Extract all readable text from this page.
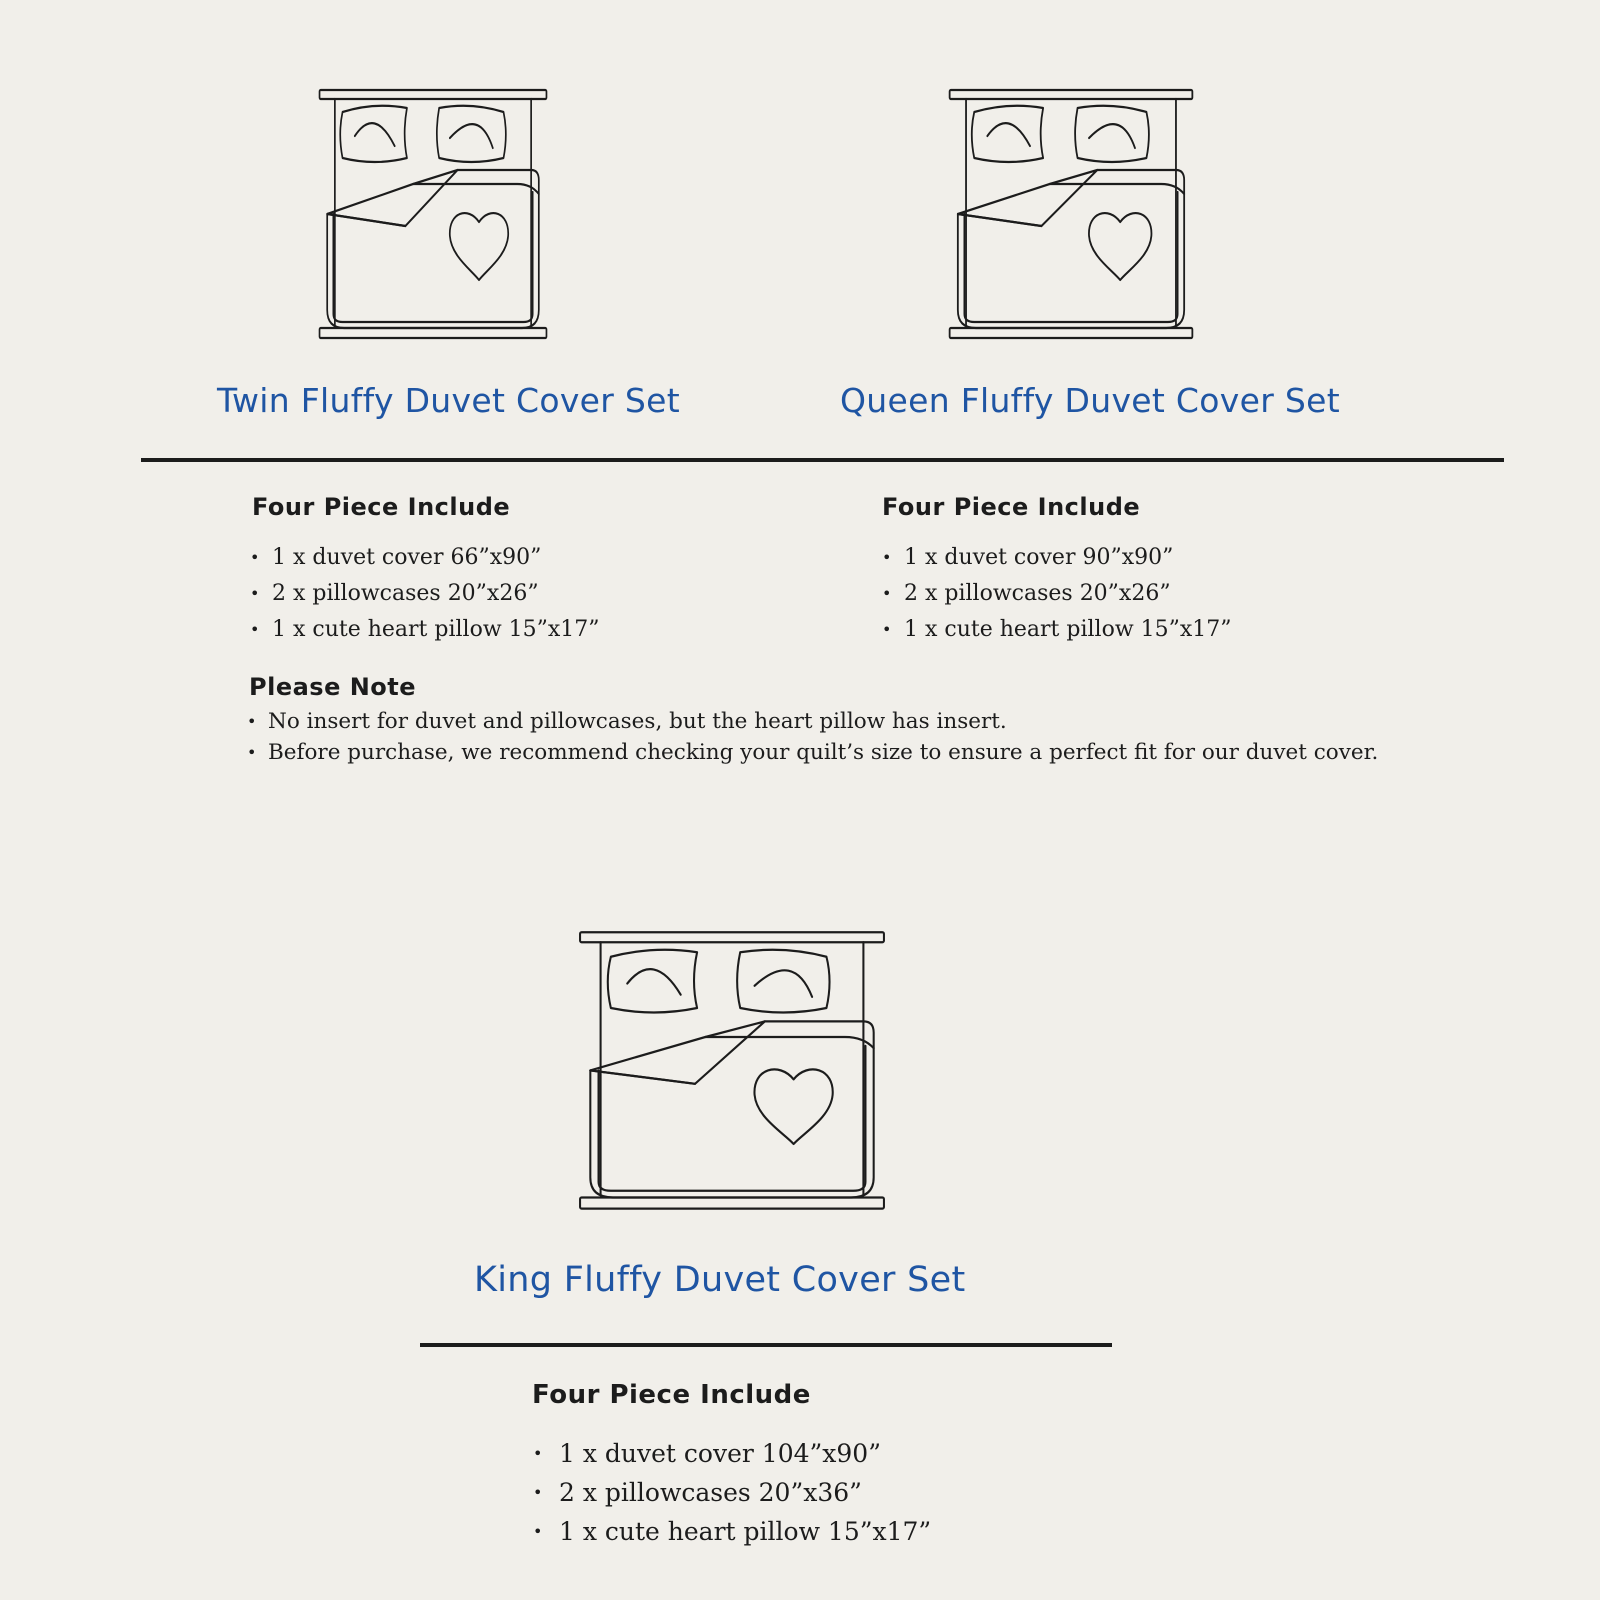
Twin Fluffy Duvet Cover Set	Queen Fluffy Duvet Cover Set
Four Piece Include
• 1 x duvet cover 66”x90”
• 2 x pillowcases 20”x26”
• 1 x cute heart pillow 15”x17”
Four Piece Include
• 1 x duvet cover 90”x90”
• 2 x pillowcases 20”x26”
• 1 x cute heart pillow 15”x17”
Please Note
• No insert for duvet and pillowcases, but the heart pillow has insert.
• Before purchase, we recommend checking your quilt’s size to ensure a perfect fit for our duvet cover.
King Fluffy Duvet Cover Set
Four Piece Include
• 1 x duvet cover 104”x90”
• 2 x pillowcases 20”x36”
• 1 x cute heart pillow 15”x17”
